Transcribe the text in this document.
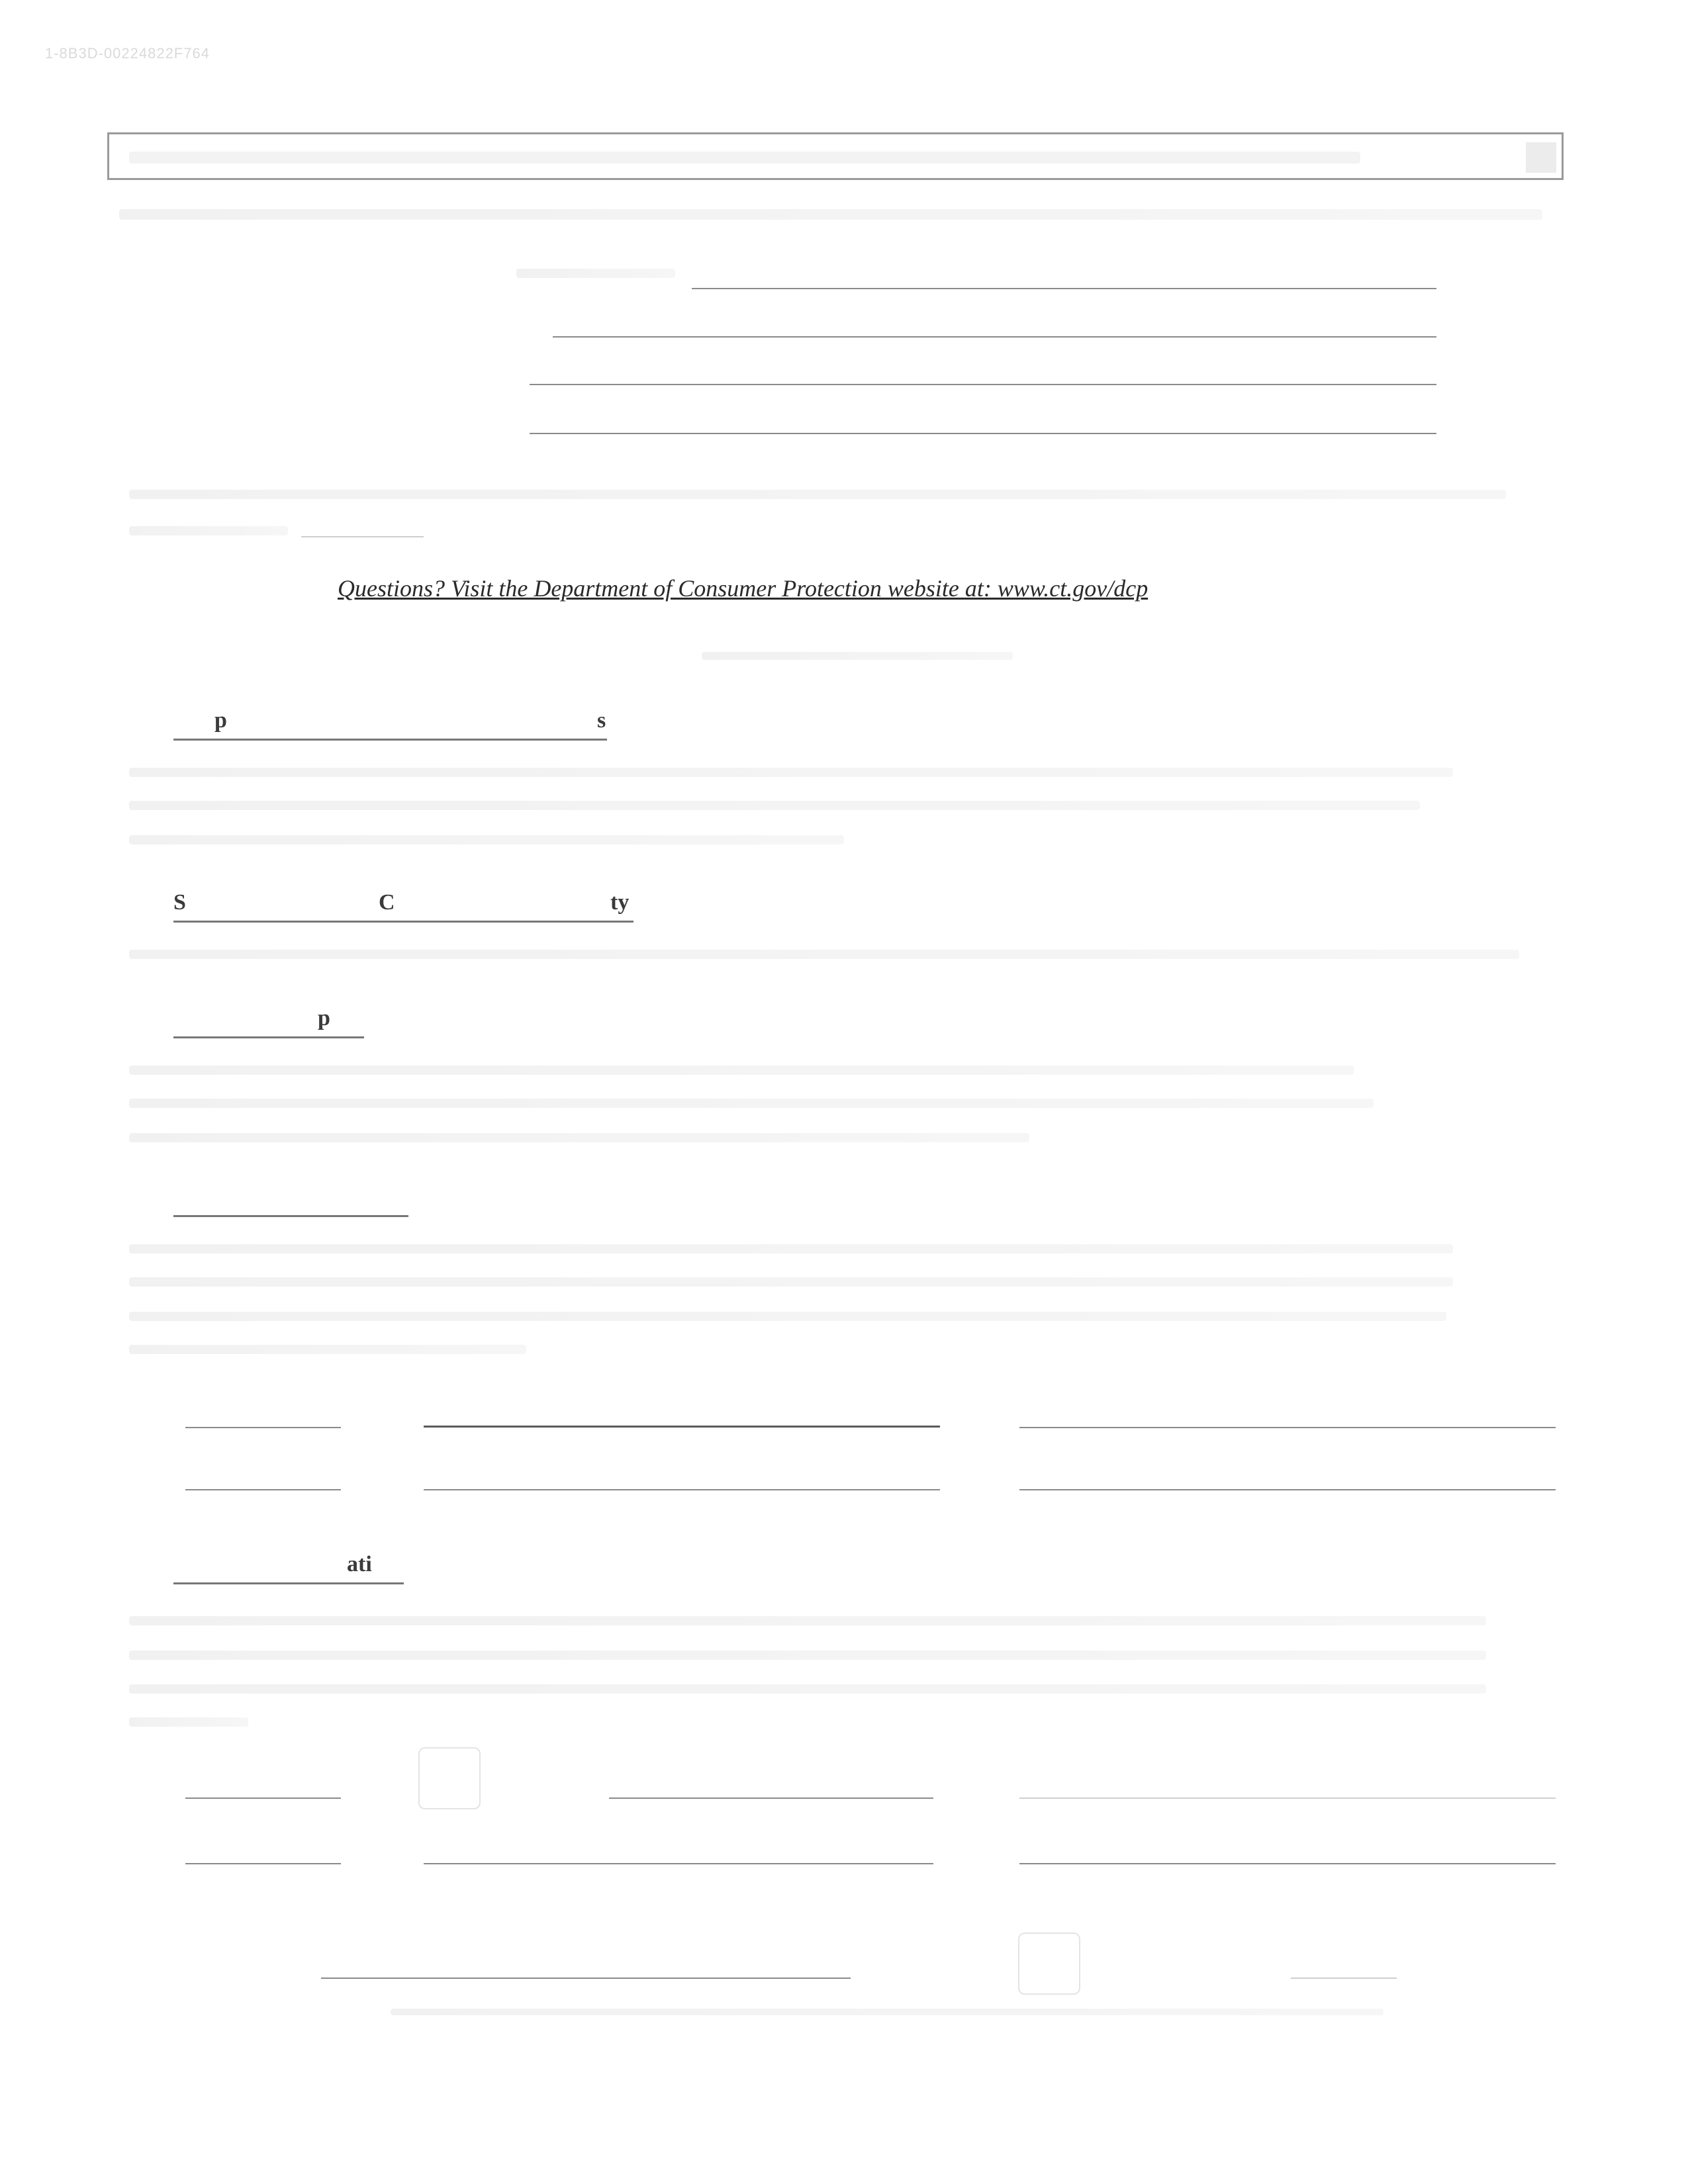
1-8B3D-00224822F764
Questions? Visit the Department of Consumer Protection website at: www.ct.gov/dcp
p	s
S	C	ty
p
ati
